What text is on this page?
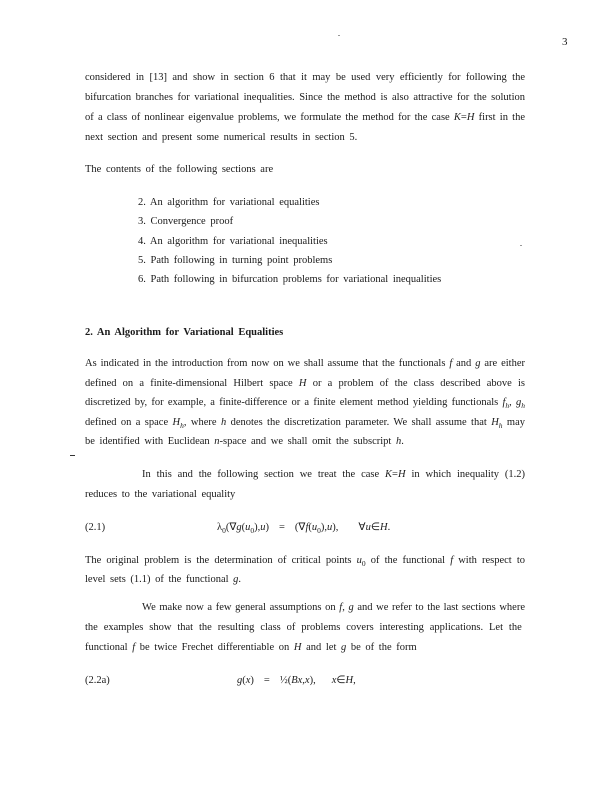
3
considered in [13] and show in section 6 that it may be used very efficiently for following the
bifurcation branches for variational inequalities. Since the method is also attractive for the solution
of a class of nonlinear eigenvalue problems, we formulate the method for the case K=H first in the
next section and present some numerical results in section 5.
The contents of the following sections are
2. An algorithm for variational equalities
3. Convergence proof
4. An algorithm for variational inequalities
5. Path following in turning point problems
6. Path following in bifurcation problems for variational inequalities
2. An Algorithm for Variational Equalities
As indicated in the introduction from now on we shall assume that the functionals f and g are either
defined on a finite-dimensional Hilbert space H or a problem of the class described above is
discretized by, for example, a finite-difference or a finite element method yielding functionals $f_h$, $g_h$
defined on a space $H_h$, where h denotes the discretization parameter. We shall assume that $H_h$ may
be identified with Euclidean n-space and we shall omit the subscript h.
In this and the following section we treat the case K=H in which inequality (1.2)
reduces to the variational equality
(2.1)	$\lambda_0(\nabla g(u_0),u) = (\nabla f(u_0),u)$, ∀u∈H.
The original problem is the determination of critical points $u_0$ of the functional f with respect to
level sets (1.1) of the functional g.
We make now a few general assumptions on f, g and we refer to the last sections where
the examples show that the resulting class of problems covers interesting applications. Let the
functional f be twice Frechet differentiable on H and let g be of the form
(2.2a)	g(x) = ½(Bx,x), x∈H,
